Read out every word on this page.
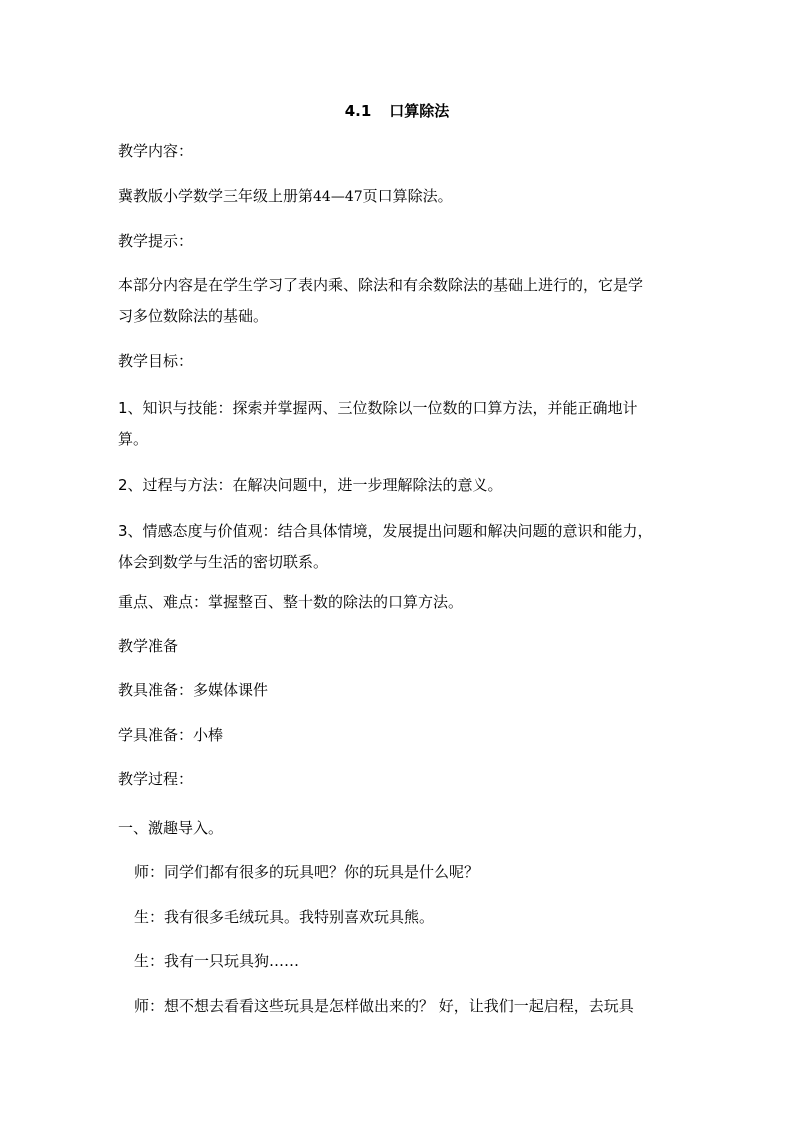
4.1 口算除法
教学内容：
冀教版小学数学三年级上册第44—47页口算除法。
教学提示：
本部分内容是在学生学习了表内乘、除法和有余数除法的基础上进行的，它是学
习多位数除法的基础。
教学目标：
1、知识与技能：探索并掌握两、三位数除以一位数的口算方法，并能正确地计
算。
2、过程与方法：在解决问题中，进一步理解除法的意义。
3、情感态度与价值观：结合具体情境，发展提出问题和解决问题的意识和能力，
体会到数学与生活的密切联系。
重点、难点：掌握整百、整十数的除法的口算方法。
教学准备
教具准备：多媒体课件
学具准备：小棒
教学过程：
一、激趣导入。
师：同学们都有很多的玩具吧？你的玩具是什么呢？
生：我有很多毛绒玩具。我特别喜欢玩具熊。
生：我有一只玩具狗……
师：想不想去看看这些玩具是怎样做出来的？ 好，让我们一起启程，去玩具
